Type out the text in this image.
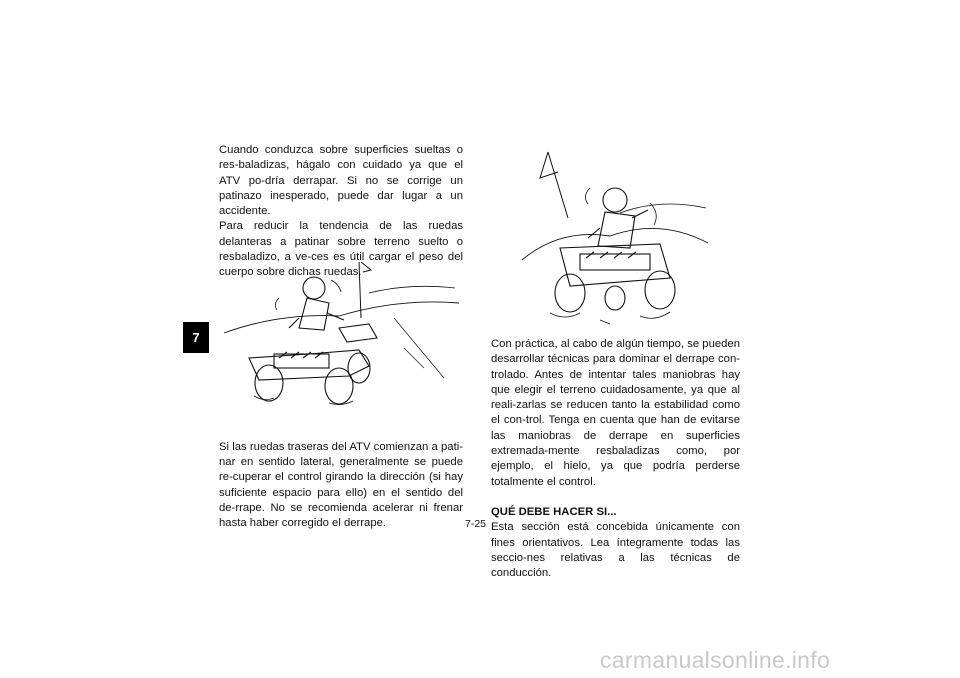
7

Cuando conduzca sobre superficies sueltas o res-baladizas, hágalo con cuidado ya que el ATV po-dría derrapar. Si no se corrige un patinazo inesperado, puede dar lugar a un accidente.

Para reducir la tendencia de las ruedas delanteras a patinar sobre terreno suelto o resbaladizo, a ve-ces es útil cargar el peso del cuerpo sobre dichas ruedas.

Si las ruedas traseras del ATV comienzan a pati-nar en sentido lateral, generalmente se puede re-cuperar el control girando la dirección (si hay suficiente espacio para ello) en el sentido del de-rrape. No se recomienda acelerar ni frenar hasta haber corregido el derrape.

Con práctica, al cabo de algún tiempo, se pueden desarrollar técnicas para dominar el derrape con-trolado. Antes de intentar tales maniobras hay que elegir el terreno cuidadosamente, ya que al reali-zarlas se reducen tanto la estabilidad como el con-trol. Tenga en cuenta que han de evitarse las maniobras de derrape en superficies extremada-mente resbaladizas como, por ejemplo, el hielo, ya que podría perderse totalmente el control.

QUÉ DEBE HACER SI...

Esta sección está concebida únicamente con fines orientativos. Lea íntegramente todas las seccio-nes relativas a las técnicas de conducción.

7-25
carmanualsonline.info
